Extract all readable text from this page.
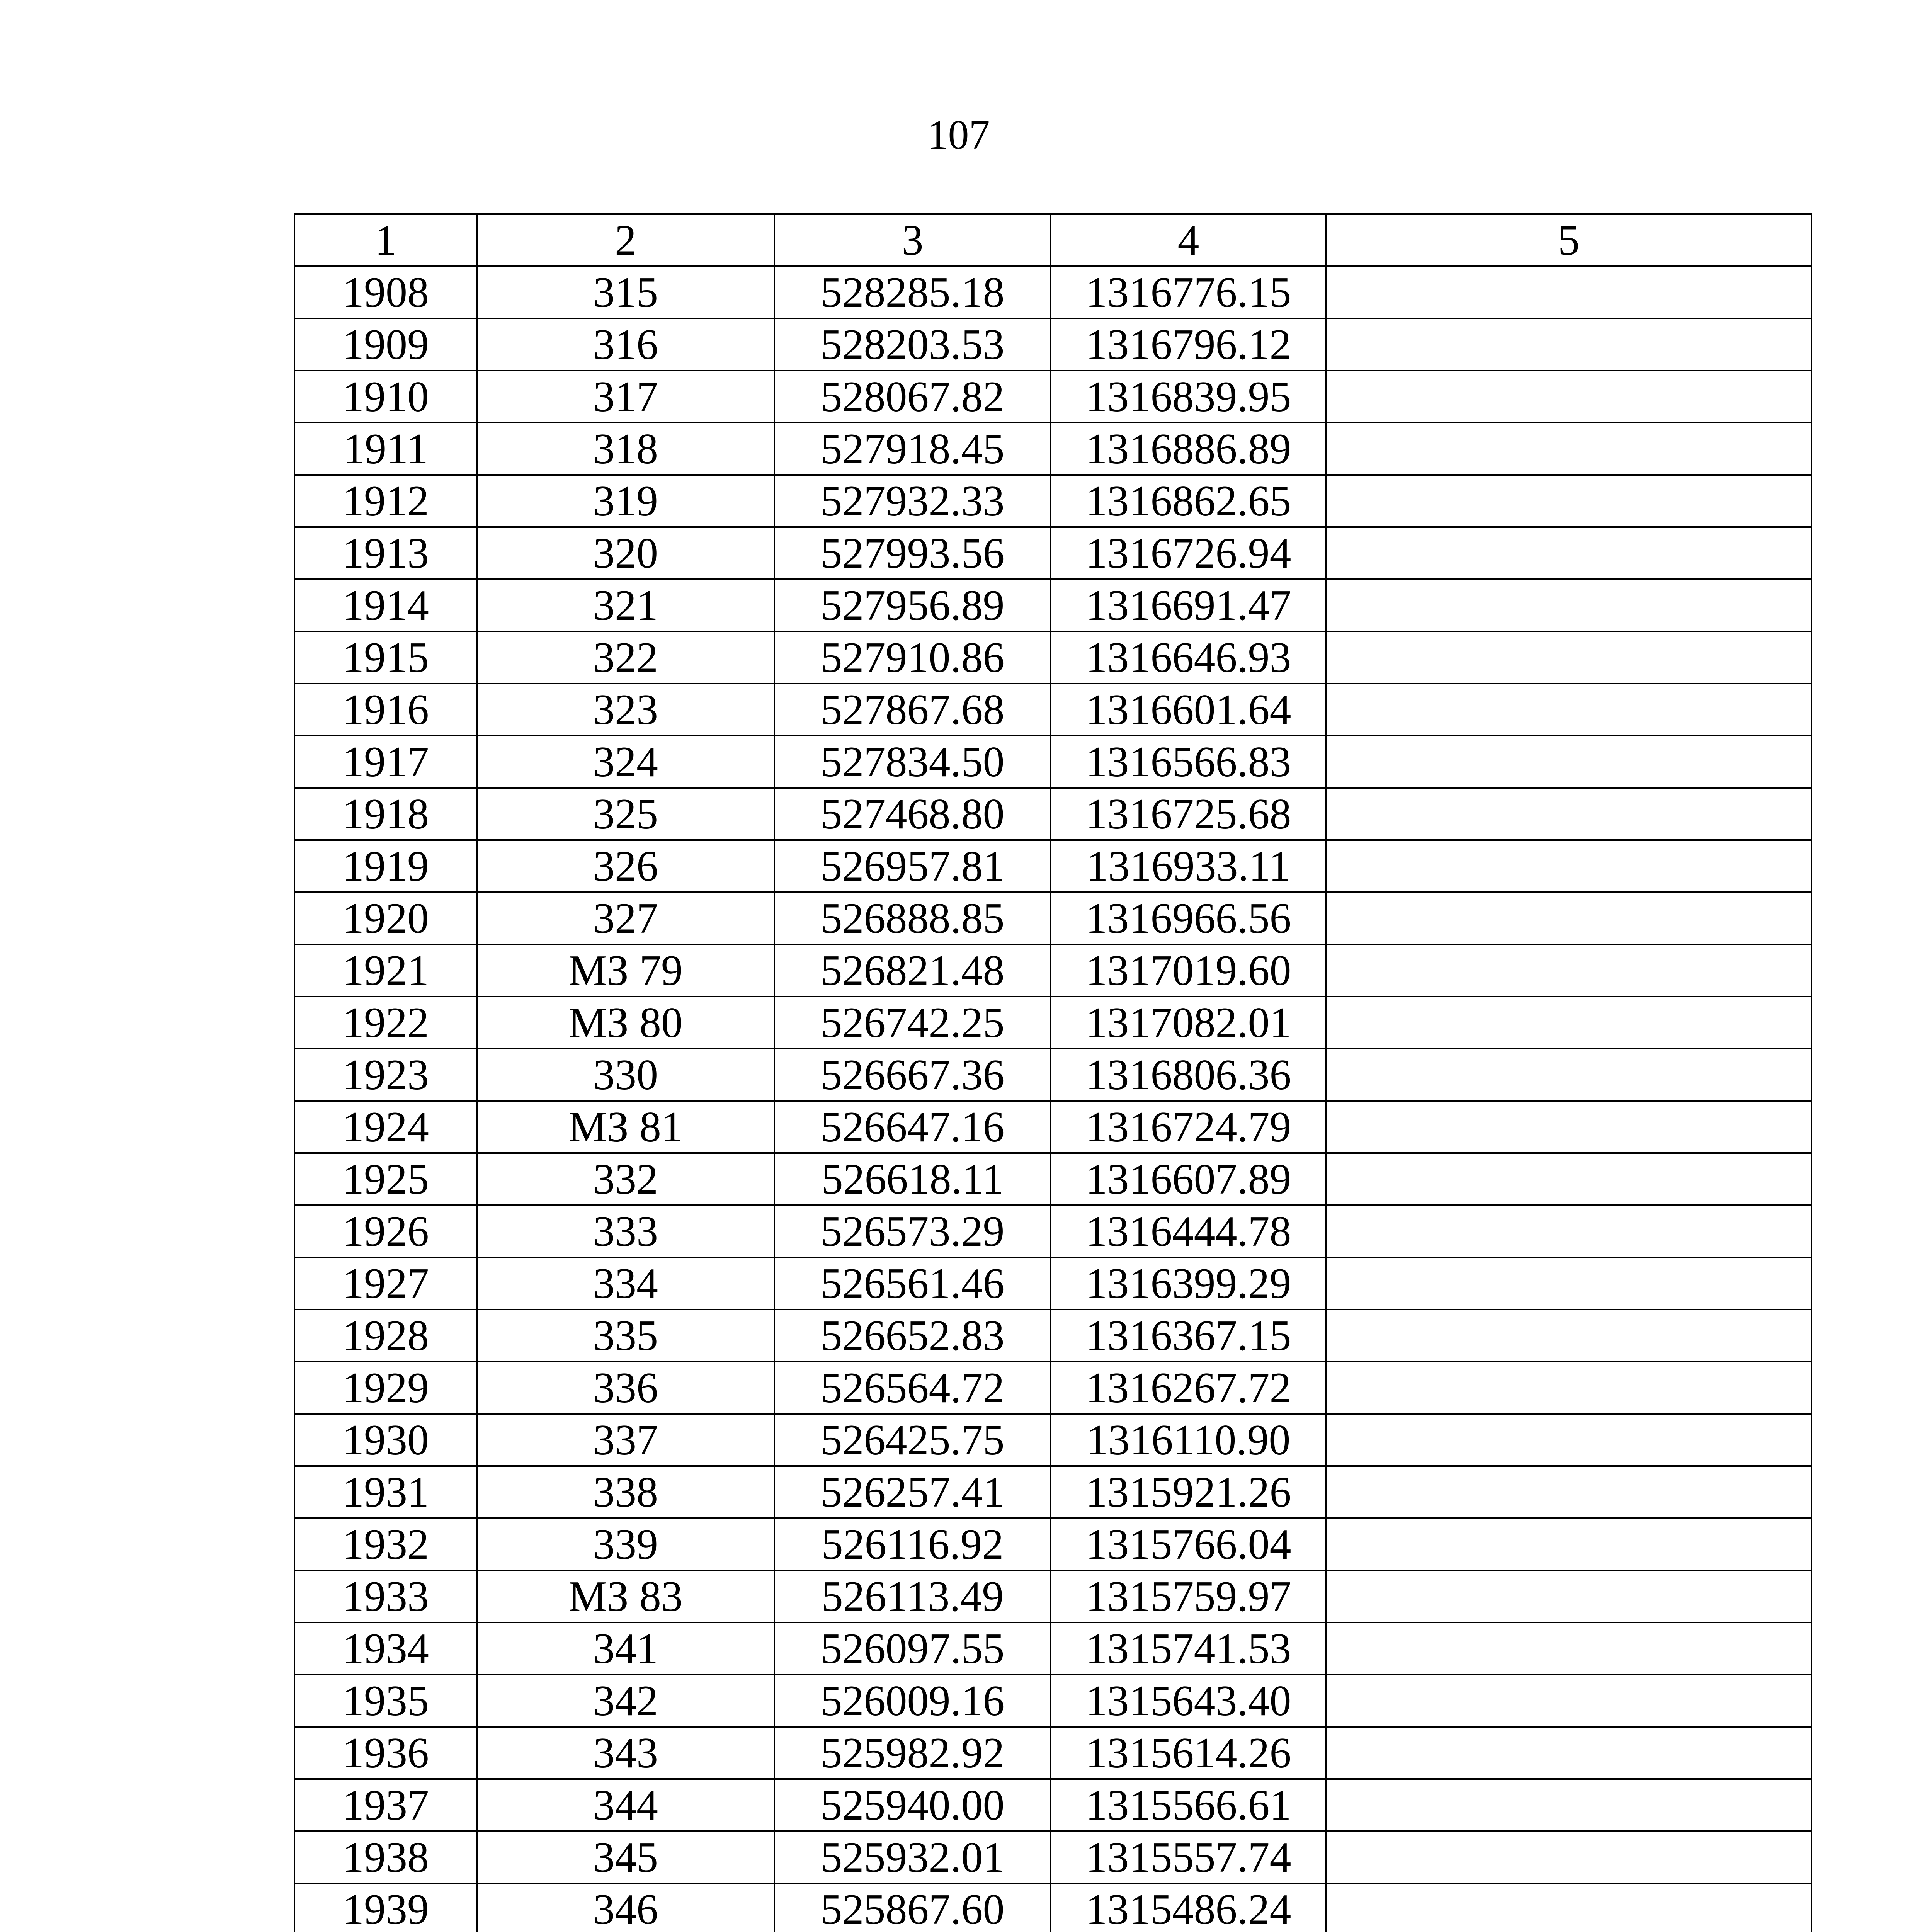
107
1	2	3	4	5
1908	315	528285.18	1316776.15	
1909	316	528203.53	1316796.12	
1910	317	528067.82	1316839.95	
1911	318	527918.45	1316886.89	
1912	319	527932.33	1316862.65	
1913	320	527993.56	1316726.94	
1914	321	527956.89	1316691.47	
1915	322	527910.86	1316646.93	
1916	323	527867.68	1316601.64	
1917	324	527834.50	1316566.83	
1918	325	527468.80	1316725.68	
1919	326	526957.81	1316933.11	
1920	327	526888.85	1316966.56	
1921	МЗ 79	526821.48	1317019.60	
1922	МЗ 80	526742.25	1317082.01	
1923	330	526667.36	1316806.36	
1924	МЗ 81	526647.16	1316724.79	
1925	332	526618.11	1316607.89	
1926	333	526573.29	1316444.78	
1927	334	526561.46	1316399.29	
1928	335	526652.83	1316367.15	
1929	336	526564.72	1316267.72	
1930	337	526425.75	1316110.90	
1931	338	526257.41	1315921.26	
1932	339	526116.92	1315766.04	
1933	МЗ 83	526113.49	1315759.97	
1934	341	526097.55	1315741.53	
1935	342	526009.16	1315643.40	
1936	343	525982.92	1315614.26	
1937	344	525940.00	1315566.61	
1938	345	525932.01	1315557.74	
1939	346	525867.60	1315486.24	
